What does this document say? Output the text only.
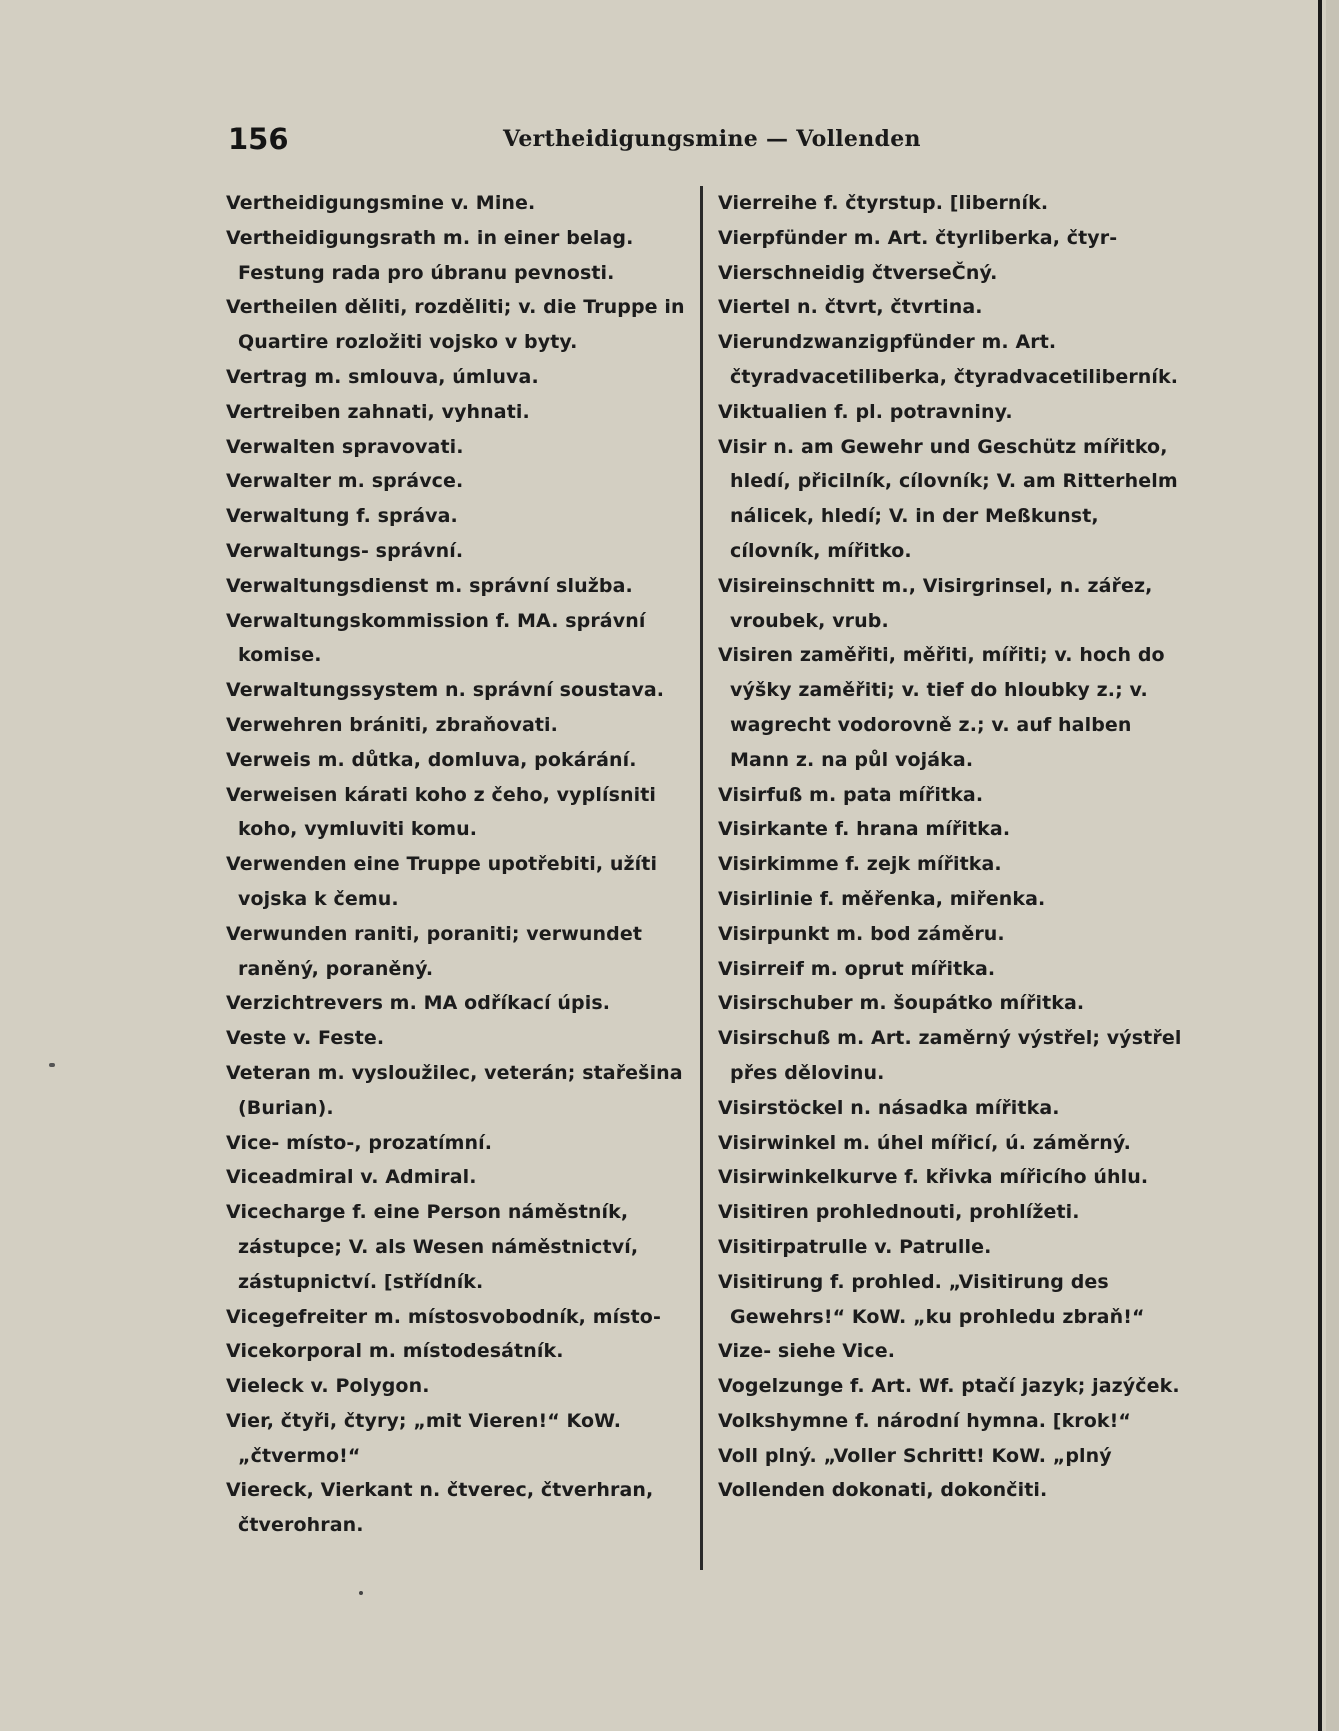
156	Vertheidigungsmine — Vollenden
Vertheidigungsmine v. Mine.
Vertheidigungsrath m. in einer belag. Festung rada pro úbranu pevnosti.
Vertheilen děliti, rozděliti; v. die Truppe in Quartire rozložiti vojsko v byty.
Vertrag m. smlouva, úmluva.
Vertreiben zahnati, vyhnati.
Verwalten spravovati.
Verwalter m. správce.
Verwaltung f. správa.
Verwaltungs- správní.
Verwaltungsdienst m. správní služba.
Verwaltungskommission f. MA. správní komise.
Verwaltungssystem n. správní soustava.
Verwehren brániti, zbraňovati.
Verweis m. důtka, domluva, pokárání.
Verweisen kárati koho z čeho, vyplísniti koho, vymluviti komu.
Verwenden eine Truppe upotřebiti, užíti vojska k čemu.
Verwunden raniti, poraniti; verwundet raněný, poraněný.
Verzichtrevers m. MA odříkací úpis.
Veste v. Feste.
Veteran m. vysloužilec, veterán; stařešina (Burian).
Vice- místo-, prozatímní.
Viceadmiral v. Admiral.
Vicecharge f. eine Person náměstník, zástupce; V. als Wesen náměstnictví, zástupnictví. [střídník.
Vicegefreiter m. místosvobodník, místo-
Vicekorporal m. místodesátník.
Vieleck v. Polygon.
Vier, čtyři, čtyry; „mit Vieren!“ KoW. „čtvermo!“
Viereck, Vierkant n. čtverec, čtverhran, čtverohran.
Vierreihe f. čtyrstup. [liberník.
Vierpfünder m. Art. čtyrliberka, čtyr-
Vierschneidig čtverseČný.
Viertel n. čtvrt, čtvrtina.
Vierundzwanzigpfünder m. Art. čtyradvacetiliberka, čtyradvacetiliberník.
Viktualien f. pl. potravniny.
Visir n. am Gewehr und Geschütz mířitko, hledí, přicilník, cílovník; V. am Ritterhelm nálicek, hledí; V. in der Meßkunst, cílovník, mířitko.
Visireinschnitt m., Visirgrinsel, n. zářez, vroubek, vrub.
Visiren zaměřiti, měřiti, mířiti; v. hoch do výšky zaměřiti; v. tief do hloubky z.; v. wagrecht vodorovně z.; v. auf halben Mann z. na půl vojáka.
Visirfuß m. pata mířitka.
Visirkante f. hrana mířitka.
Visirkimme f. zejk mířitka.
Visirlinie f. měřenka, miřenka.
Visirpunkt m. bod záměru.
Visirreif m. oprut mířitka.
Visirschuber m. šoupátko mířitka.
Visirschuß m. Art. zaměrný výstřel; výstřel přes dělovinu.
Visirstöckel n. násadka mířitka.
Visirwinkel m. úhel mířicí, ú. záměrný.
Visirwinkelkurve f. křivka mířicího úhlu.
Visitiren prohlednouti, prohlížeti.
Visitirpatrulle v. Patrulle.
Visitirung f. prohled. „Visitirung des Gewehrs!“ KoW. „ku prohledu zbraň!“
Vize- siehe Vice.
Vogelzunge f. Art. Wf. ptačí jazyk; jazýček.
Volkshymne f. národní hymna. [krok!“
Voll plný. „Voller Schritt! KoW. „plný
Vollenden dokonati, dokončiti.
